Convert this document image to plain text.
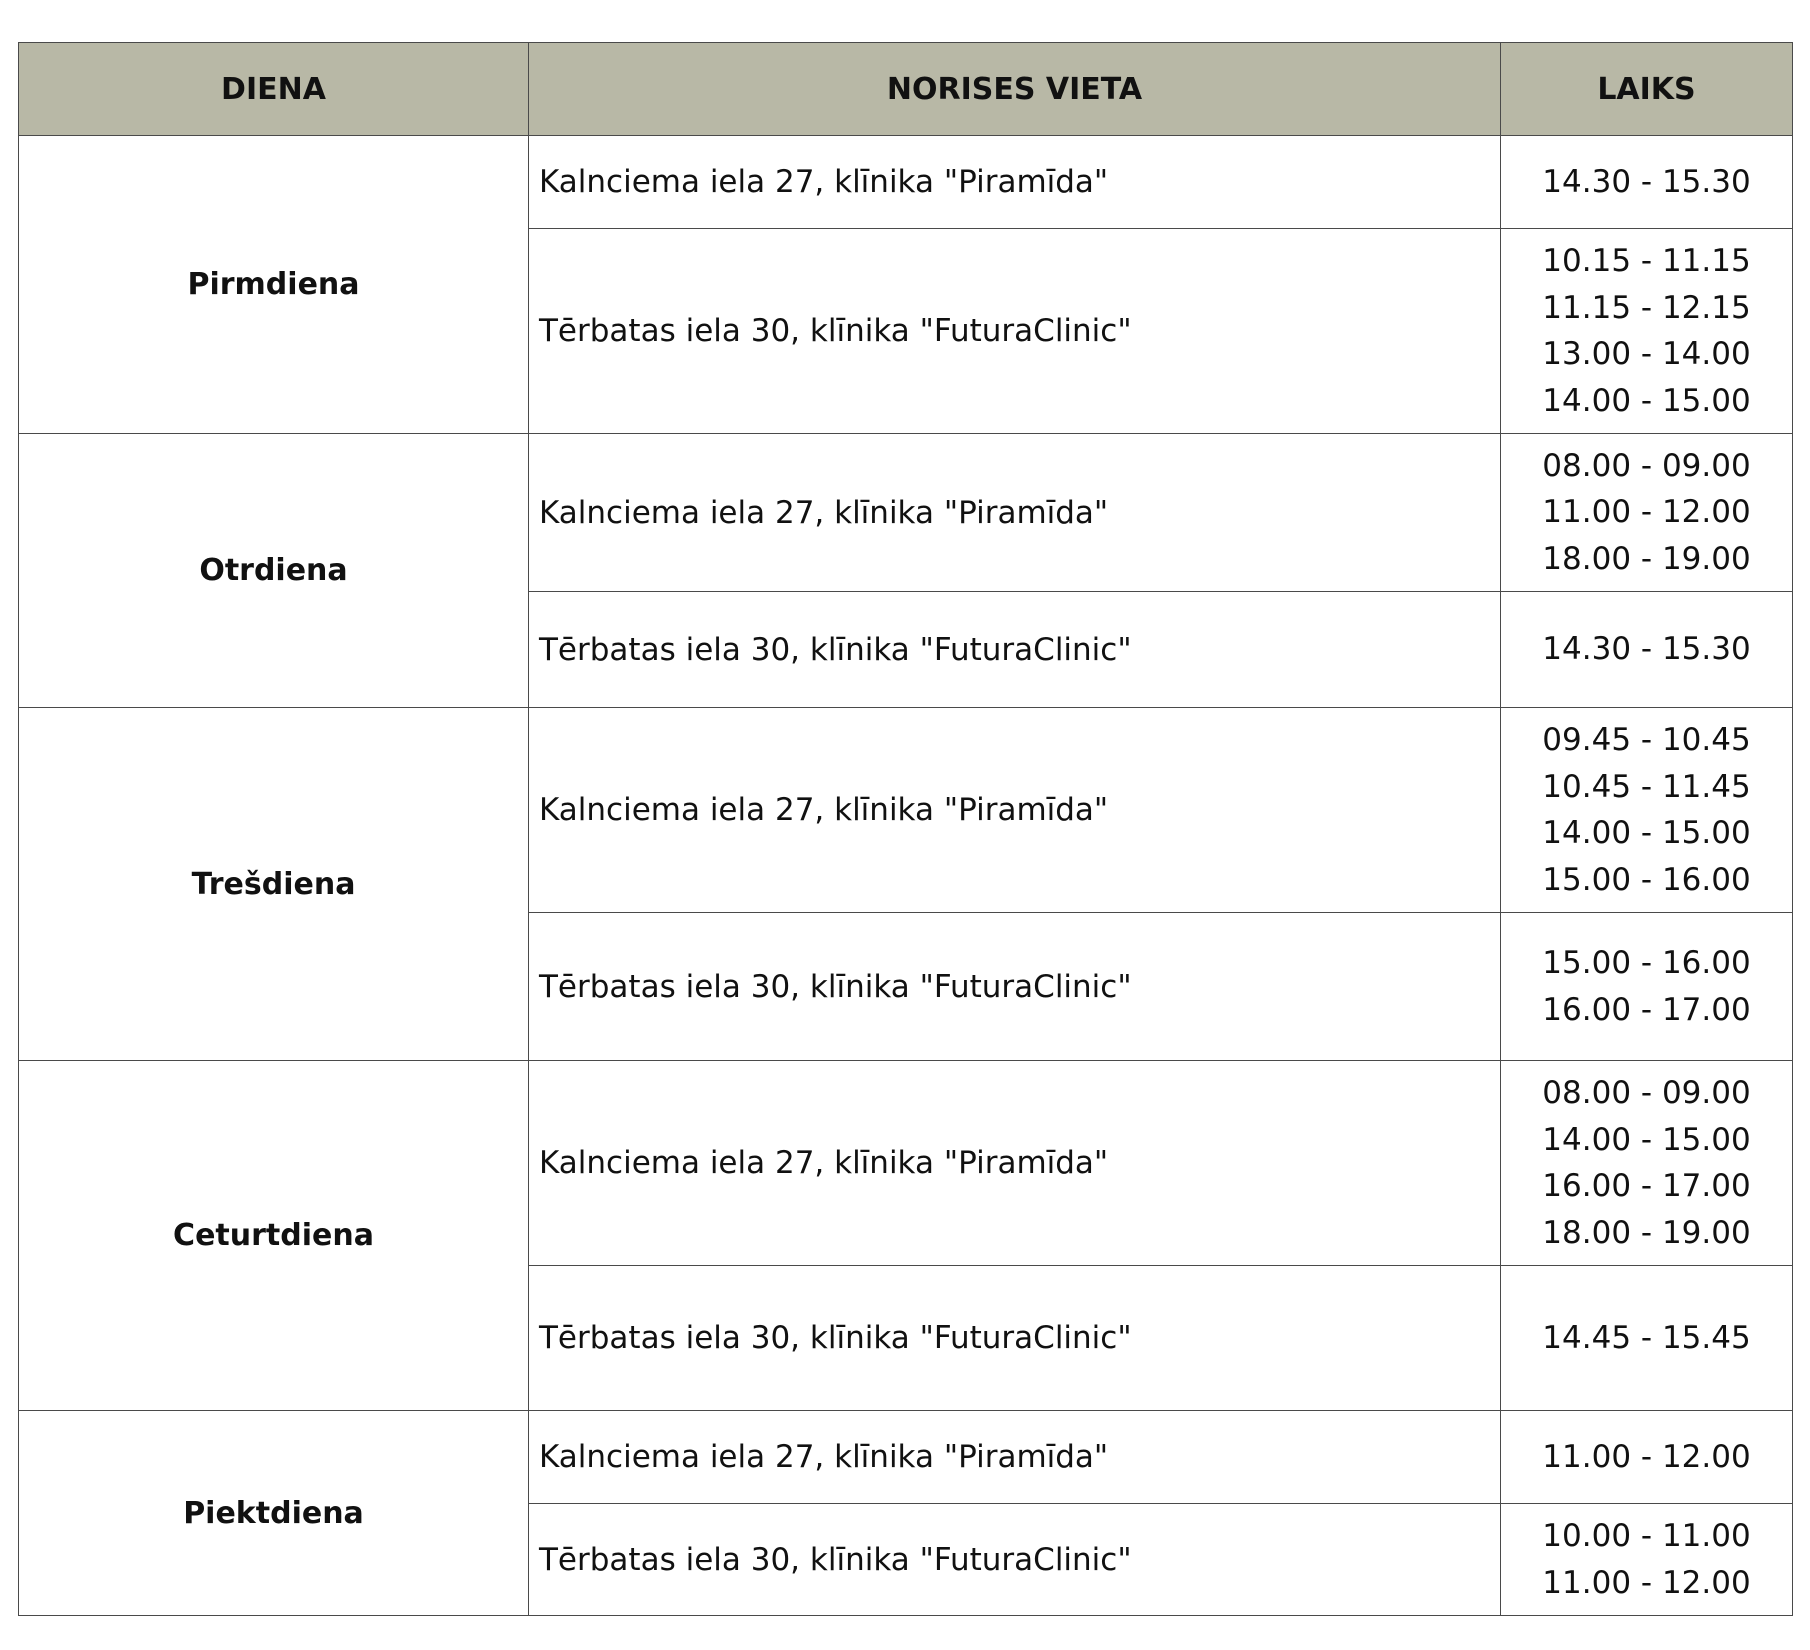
DIENA	NORISES VIETA	LAIKS
Pirmdiena	Kalnciema iela 27, klīnika "Piramīda"	14.30 - 15.30

	Tērbatas iela 30, klīnika "FuturaClinic"	10.15 - 11.15
11.15 - 12.15
13.00 - 14.00
14.00 - 15.00

Otrdiena	Kalnciema iela 27, klīnika "Piramīda"	08.00 - 09.00
11.00 - 12.00
18.00 - 19.00

	Tērbatas iela 30, klīnika "FuturaClinic"	14.30 - 15.30

Trešdiena	Kalnciema iela 27, klīnika "Piramīda"	09.45 - 10.45
10.45 - 11.45
14.00 - 15.00
15.00 - 16.00

	Tērbatas iela 30, klīnika "FuturaClinic"	15.00 - 16.00
16.00 - 17.00

Ceturtdiena	Kalnciema iela 27, klīnika "Piramīda"	08.00 - 09.00
14.00 - 15.00
16.00 - 17.00
18.00 - 19.00

	Tērbatas iela 30, klīnika "FuturaClinic"	14.45 - 15.45

Piektdiena	Kalnciema iela 27, klīnika "Piramīda"	11.00 - 12.00

	Tērbatas iela 30, klīnika "FuturaClinic"	10.00 - 11.00
11.00 - 12.00
